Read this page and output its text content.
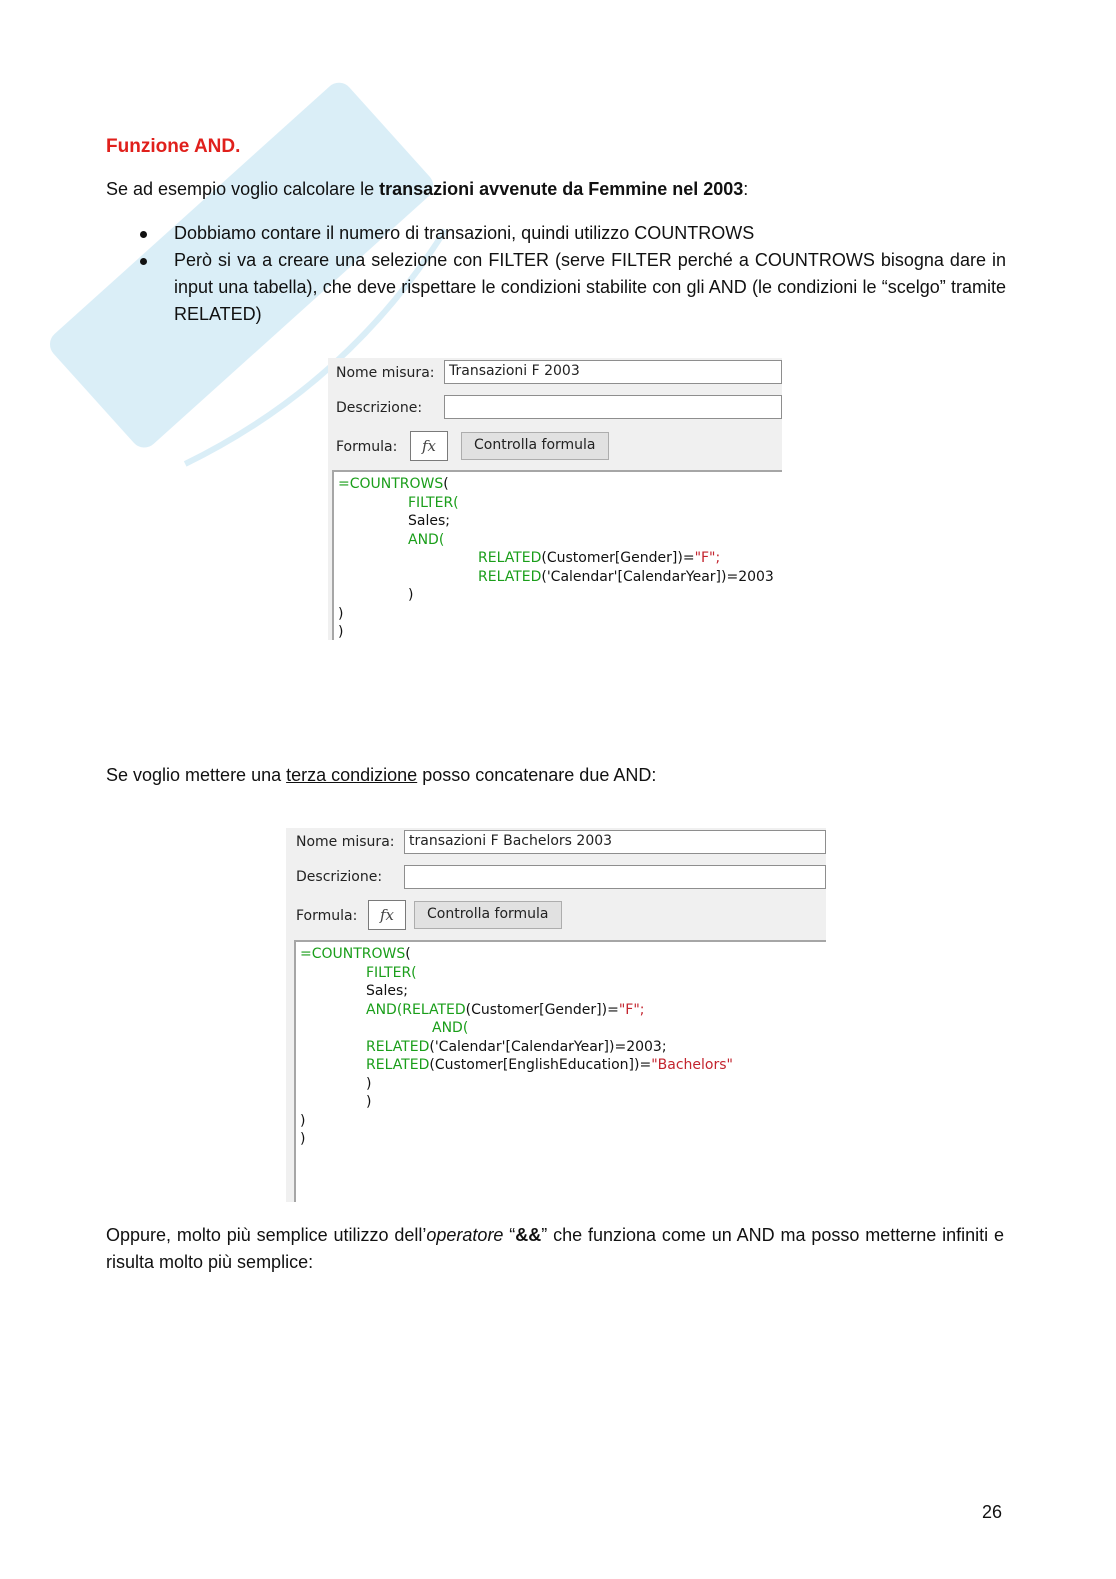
Funzione AND.
Se ad esempio voglio calcolare le transazioni avvenute da Femmine nel 2003:
Dobbiamo contare il numero di transazioni, quindi utilizzo COUNTROWS
Però si va a creare una selezione con FILTER (serve FILTER perché a COUNTROWS bisogna dare in input una tabella), che deve rispettare le condizioni stabilite con gli AND (le condizioni le “scelgo” tramite RELATED)
Nome misura:	Transazioni F 2003
Descrizione:
Formula:	fx	Controlla formula
=COUNTROWS(
FILTER(
Sales;
AND(
RELATED(Customer[Gender])="F";
RELATED('Calendar'[CalendarYear])=2003
)
)
)
Se voglio mettere una terza condizione posso concatenare due AND:
Nome misura:	transazioni F Bachelors 2003
Descrizione:
Formula:	fx	Controlla formula
=COUNTROWS(
FILTER(
Sales;
AND(RELATED(Customer[Gender])="F";
AND(
RELATED('Calendar'[CalendarYear])=2003;
RELATED(Customer[EnglishEducation])="Bachelors"
)
)
)
)
Oppure, molto più semplice utilizzo dell’operatore “&&” che funziona come un AND ma posso metterne infiniti e risulta molto più semplice:
26
